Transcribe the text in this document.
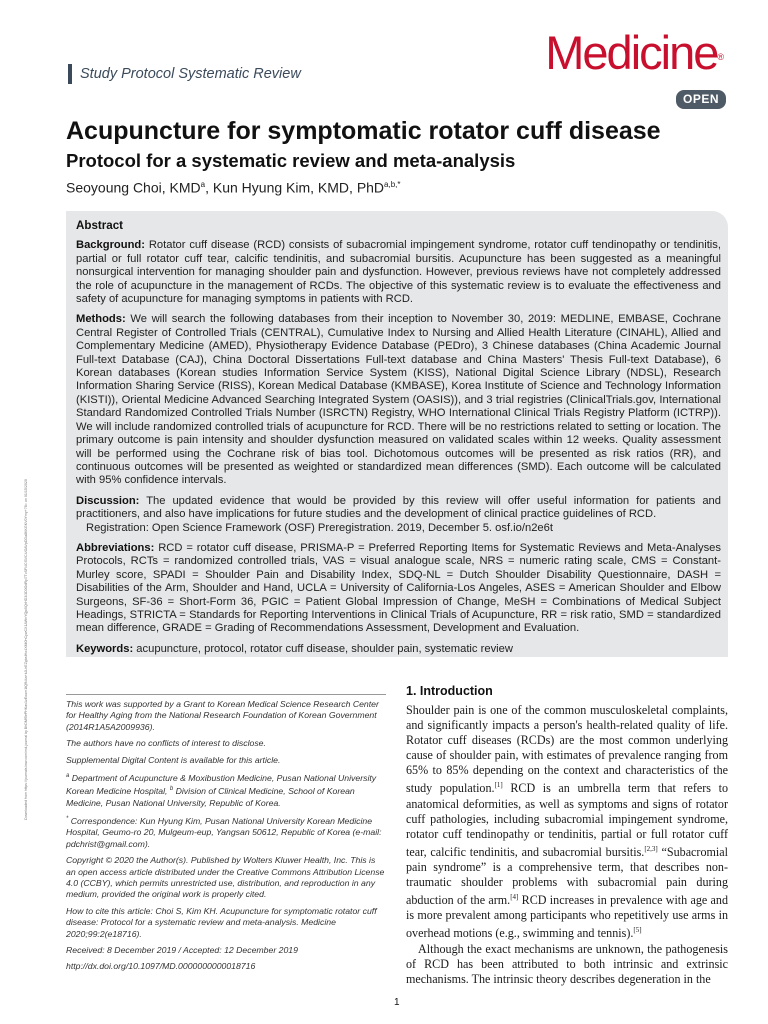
Study Protocol Systematic Review	Medicine®
OPEN
Acupuncture for symptomatic rotator cuff disease
Protocol for a systematic review and meta-analysis
Seoyoung Choi, KMD$^a$, Kun Hyung Kim, KMD, PhD$^{a,b,*}$

Abstract

Background: Rotator cuff disease (RCD) consists of subacromial impingement syndrome, rotator cuff tendinopathy or tendinitis, partial or full rotator cuff tear, calcific tendinitis, and subacromial bursitis. Acupuncture has been suggested as a meaningful nonsurgical intervention for managing shoulder pain and dysfunction. However, previous reviews have not completely addressed the role of acupuncture in the management of RCDs. The objective of this systematic review is to evaluate the effectiveness and safety of acupuncture for managing symptoms in patients with RCD.

Methods: We will search the following databases from their inception to November 30, 2019: MEDLINE, EMBASE, Cochrane Central Register of Controlled Trials (CENTRAL), Cumulative Index to Nursing and Allied Health Literature (CINAHL), Allied and Complementary Medicine (AMED), Physiotherapy Evidence Database (PEDro), 3 Chinese databases (China Academic Journal Full-text Database (CAJ), China Doctoral Dissertations Full-text database and China Masters' Thesis Full-text Database), 6 Korean databases (Korean studies Information Service System (KISS), National Digital Science Library (NDSL), Research Information Sharing Service (RISS), Korean Medical Database (KMBASE), Korea Institute of Science and Technology Information (KISTI)), Oriental Medicine Advanced Searching Integrated System (OASIS)), and 3 trial registries (ClinicalTrials.gov, International Standard Randomized Controlled Trials Number (ISRCTN) Registry, WHO International Clinical Trials Registry Platform (ICTRP)). We will include randomized controlled trials of acupuncture for RCD. There will be no restrictions related to setting or location. The primary outcome is pain intensity and shoulder dysfunction measured on validated scales within 12 weeks. Quality assessment will be performed using the Cochrane risk of bias tool. Dichotomous outcomes will be presented as risk ratios (RR), and continuous outcomes will be presented as weighted or standardized mean differences (SMD). Each outcome will be calculated with 95% confidence intervals.

Discussion: The updated evidence that would be provided by this review will offer useful information for patients and practitioners, and also have implications for future studies and the development of clinical practice guidelines of RCD.

Registration: Open Science Framework (OSF) Preregistration. 2019, December 5. osf.io/n2e6t

Abbreviations: RCD = rotator cuff disease, PRISMA-P = Preferred Reporting Items for Systematic Reviews and Meta-Analyses Protocols, RCTs = randomized controlled trials, VAS = visual analogue scale, NRS = numeric rating scale, CMS = Constant-Murley score, SPADI = Shoulder Pain and Disability Index, SDQ-NL = Dutch Shoulder Disability Questionnaire, DASH = Disabilities of the Arm, Shoulder and Hand, UCLA = University of California-Los Angeles, ASES = American Shoulder and Elbow Surgeons, SF-36 = Short-Form 36, PGIC = Patient Global Impression of Change, MeSH = Combinations of Medical Subject Headings, STRICTA = Standards for Reporting Interventions in Clinical Trials of Acupuncture, RR = risk ratio, SMD = standardized mean difference, GRADE = Grading of Recommendations Assessment, Development and Evaluation.

Keywords: acupuncture, protocol, rotator cuff disease, shoulder pain, systematic review

Downloaded from https://journals.lww.com/md-journal by BhDMf5ePHKav1zEoum1tQfN4a+kJLhEZgbsIHo4XMi0hCywCX1AWnYQp/IlQrHD3i3D0OdRyi7TvSFl4Cf3VC4/OAVpDDa8KKGKV0Ymy+78= on 01/15/2020	This work was supported by a Grant to Korean Medical Science Research Center for Healthy Aging from the National Research Foundation of Korean Government (2014R1A5A2009936).

The authors have no conflicts of interest to disclose.

Supplemental Digital Content is available for this article.

$^a$ Department of Acupuncture & Moxibustion Medicine, Pusan National University Korean Medicine Hospital, $^b$ Division of Clinical Medicine, School of Korean Medicine, Pusan National University, Republic of Korea.

* Correspondence: Kun Hyung Kim, Pusan National University Korean Medicine Hospital, Geumo-ro 20, Mulgeum-eup, Yangsan 50612, Republic of Korea (e-mail: pdchrist@gmail.com).

Copyright © 2020 the Author(s). Published by Wolters Kluwer Health, Inc. This is an open access article distributed under the Creative Commons Attribution License 4.0 (CCBY), which permits unrestricted use, distribution, and reproduction in any medium, provided the original work is properly cited.

How to cite this article: Choi S, Kim KH. Acupuncture for symptomatic rotator cuff disease: Protocol for a systematic review and meta-analysis. Medicine 2020;99:2(e18716).

Received: 8 December 2019 / Accepted: 12 December 2019

http://dx.doi.org/10.1097/MD.0000000000018716

1. Introduction

Shoulder pain is one of the common musculoskeletal complaints, and significantly impacts a person's health-related quality of life. Rotator cuff diseases (RCDs) are the most common underlying cause of shoulder pain, with estimates of prevalence ranging from 65% to 85% depending on the context and characteristics of the study population.[1] RCD is an umbrella term that refers to anatomical deformities, as well as symptoms and signs of rotator cuff pathologies, including subacromial impingement syndrome, rotator cuff tendinopathy or tendinitis, partial or full rotator cuff tear, calcific tendinitis, and subacromial bursitis.[2,3] “Subacromial pain syndrome” is a comprehensive term, that describes non-traumatic shoulder problems with subacromial pain during abduction of the arm.[4] RCD increases in prevalence with age and is more prevalent among participants who repetitively use arms in overhead motions (e.g., swimming and tennis).[5]

Although the exact mechanisms are unknown, the pathogenesis of RCD has been attributed to both intrinsic and extrinsic mechanisms. The intrinsic theory describes degeneration in the

1
